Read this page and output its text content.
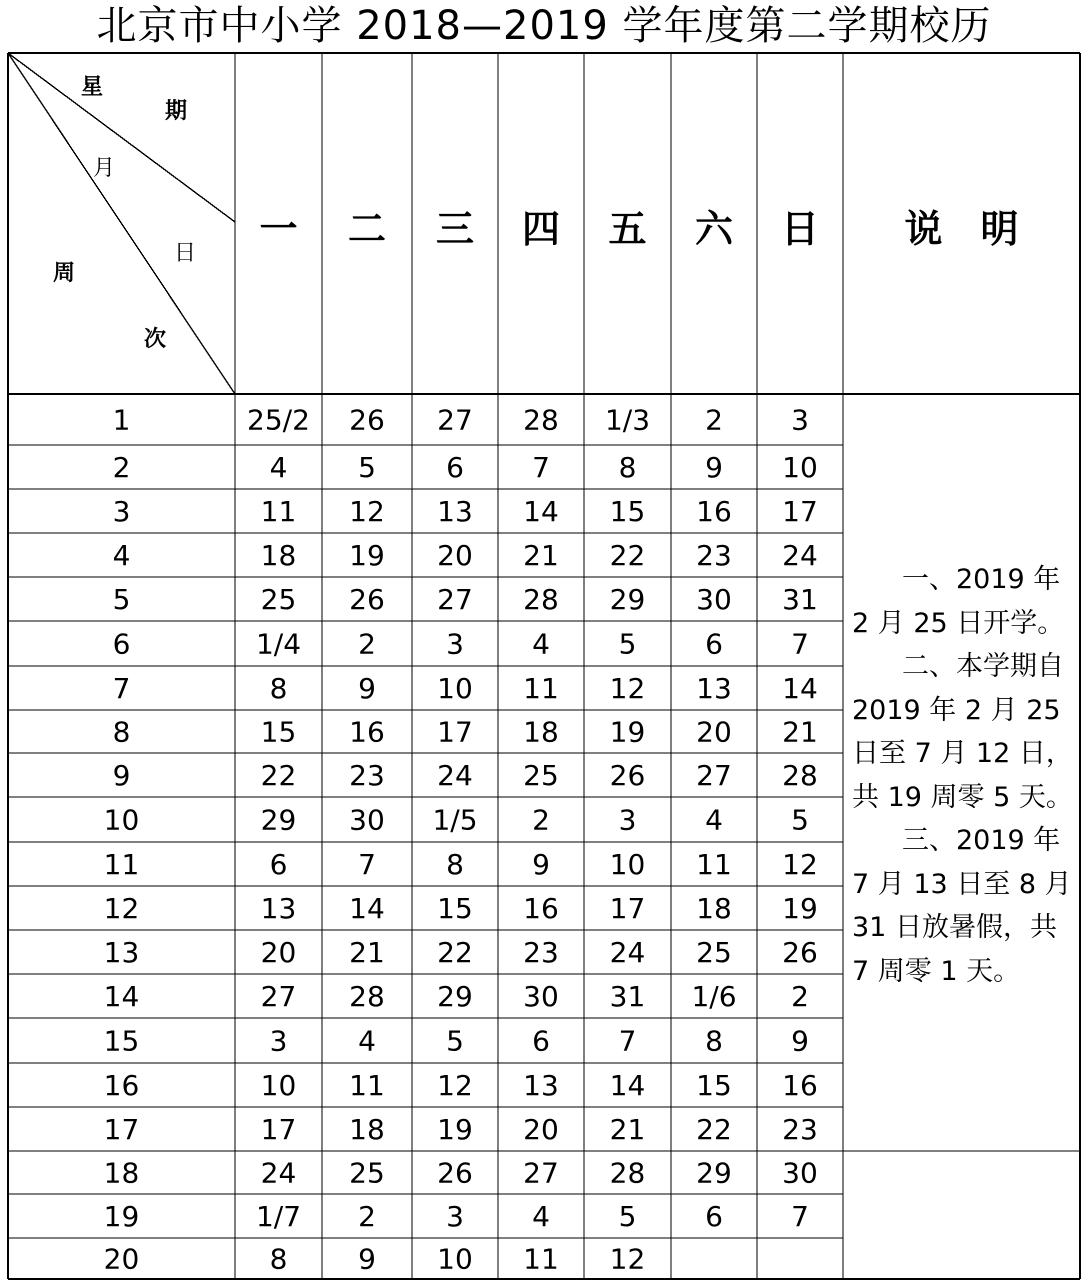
北京市中小学 2018—2019 学年度第二学期校历
星
期
月
日
周
次
一 二 三 四 五 六 日 说　明
1	25/2 26 27 28 1/3 2 3
2	4	5	6 7 8 9 10
3	11 12 13 14 15 16 17
4	18 19 20 21 22 23 24
5	25 26 27 28 29 30 31
6	1/4 2	3 4 5 6 7
7	8	9 10 11 12 13 14
8	15 16 17 18 19 20 21
9	22 23 24 25 26 27 28
10	29 30 1/5 2 3 4 5
11	6	7	8 9 10 11 12
12	13 14 15 16 17 18 19
13	20 21 22 23 24 25 26
14	27 28 29 30 31 1/6 2
15	3	4	5 6 7 8 9
16	10 11 12 13 14 15 16
17	17 18 19 20 21 22 23
18	24 25 26 27 28 29 30
19	1/7 2	3 4 5 6 7
20	8	9 10 11 12

一、2019 年 2 月 25 日开学。

二、本学期自 2019 年 2 月 25 日至 7 月 12 日，共 19 周零 5 天。

三、2019 年 7 月 13 日至 8 月 31 日放暑假，共 7 周零 1 天。
